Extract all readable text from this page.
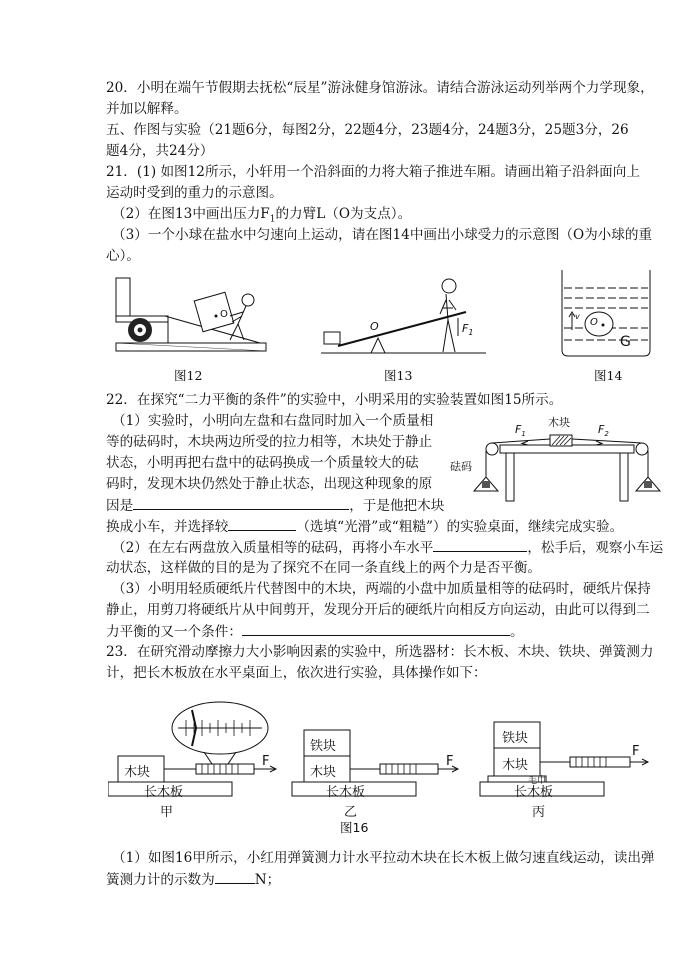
20．小明在端午节假期去抚松“辰星”游泳健身馆游泳。请结合游泳运动列举两个力学现象，
并加以解释。
五、作图与实验（21题6分，每图2分，22题4分，23题4分，24题3分，25题3分，26
题4分，共24分）
21．(1) 如图12所示，小轩用一个沿斜面的力将大箱子推进车厢。请画出箱子沿斜面向上
运动时受到的重力的示意图。
（2）在图13中画出压力$F_1$的力臂L（O为支点）。
（3）一个小球在盐水中匀速向上运动，请在图14中画出小球受力的示意图（O为小球的重
心）。
O
图12
O	$F_1$
图13
v
O
G
图14
22．在探究“二力平衡的条件”的实验中，小明采用的实验装置如图15所示。
（1）实验时，小明向左盘和右盘同时加入一个质量相
等的砝码时，木块两边所受的拉力相等，木块处于静止
状态，小明再把右盘中的砝码换成一个质量较大的砝
码时，发现木块仍然处于静止状态，出现这种现象的原
因是	，于是他把木块
换成小车，并选择较	（选填“光滑”或“粗糙”）的实验桌面，继续完成实验。
（2）在左右两盘放入质量相等的砝码，再将小车水平	，松手后，观察小车运
动状态，这样做的目的是为了探究不在同一条直线上的两个力是否平衡。
（3）小明用轻质硬纸片代替图中的木块，两端的小盘中加质量相等的砝码时，硬纸片保持
静止，用剪刀将硬纸片从中间剪开，发现分开后的硬纸片向相反方向运动，由此可以得到二
力平衡的又一个条件：	。
木块
$F_1$	$F_2$
砝码
23．在研究滑动摩擦力大小影响因素的实验中，所选器材：长木板、木块、铁块、弹簧测力
计，把长木板放在水平桌面上，依次进行实验，具体操作如下：
木块
长木板
F
甲
铁块
木块
长木板
F
乙
铁块
木块
毛巾
长木板
F
丙
图16
（1）如图16甲所示，小红用弹簧测力计水平拉动木块在长木板上做匀速直线运动，读出弹
簧测力计的示数为	N；
